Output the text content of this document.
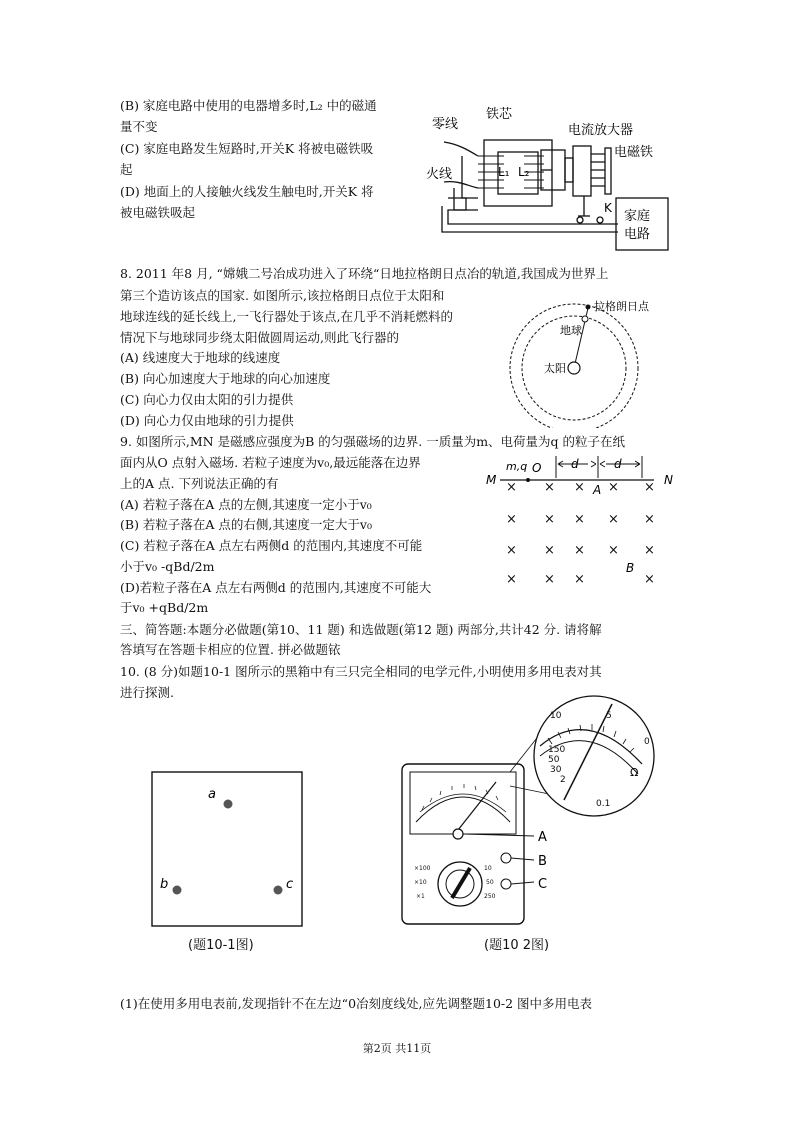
(B) 家庭电路中使用的电器增多时,L₂ 中的磁通
量不变
(C) 家庭电路发生短路时,开关K 将被电磁铁吸
起
(D) 地面上的人接触火线发生触电时,开关K 将
被电磁铁吸起
零线
铁芯
电流放大器
电磁铁
火线	L₁ L₂
K
家庭
电路
8. 2011 年8 月, “嫦娥二号冶成功进入了环绕“日地拉格朗日点冶的轨道,我国成为世界上
第三个造访该点的国家. 如图所示,该拉格朗日点位于太阳和
地球连线的延长线上,一飞行器处于该点,在几乎不消耗燃料的
情况下与地球同步绕太阳做圆周运动,则此飞行器的
(A) 线速度大于地球的线速度
(B) 向心加速度大于地球的向心加速度
(C) 向心力仅由太阳的引力提供
(D) 向心力仅由地球的引力提供
拉格朗日点
地球
太阳
9. 如图所示,MN 是磁感应强度为B 的匀强磁场的边界. 一质量为m、电荷量为q 的粒子在纸
面内从O 点射入磁场. 若粒子速度为v₀,最远能落在边界
上的A 点. 下列说法正确的有
(A) 若粒子落在A 点的左侧,其速度一定小于v₀
(B) 若粒子落在A 点的右侧,其速度一定大于v₀
(C) 若粒子落在A 点左右两侧d 的范围内,其速度不可能
小于v₀ -qBd/2m
(D)若粒子落在A 点左右两侧d 的范围内,其速度不可能大
于v₀ +qBd/2m
M	N
m,q O d	d
A
B
× × × × ×
× × × × ×
× × × × ×
× × ×	×
三、简答题:本题分必做题(第10、11 题) 和选做题(第12 题) 两部分,共计42 分. 请将解
答填写在答题卡相应的位置. 拼必做题铱
10. (8 分)如题10-1 图所示的黑箱中有三只完全相同的电学元件,小明使用多用电表对其
进行探测.
a
b	c
(题10-1图)
×100
×10
×1
10
50
250
A
B
C
10	5
0
150
50
30
2
0.1
Ω
(题10 2图)
(1)在使用多用电表前,发现指针不在左边“0冶刻度线处,应先调整题10-2 图中多用电表
第2页 共11页
